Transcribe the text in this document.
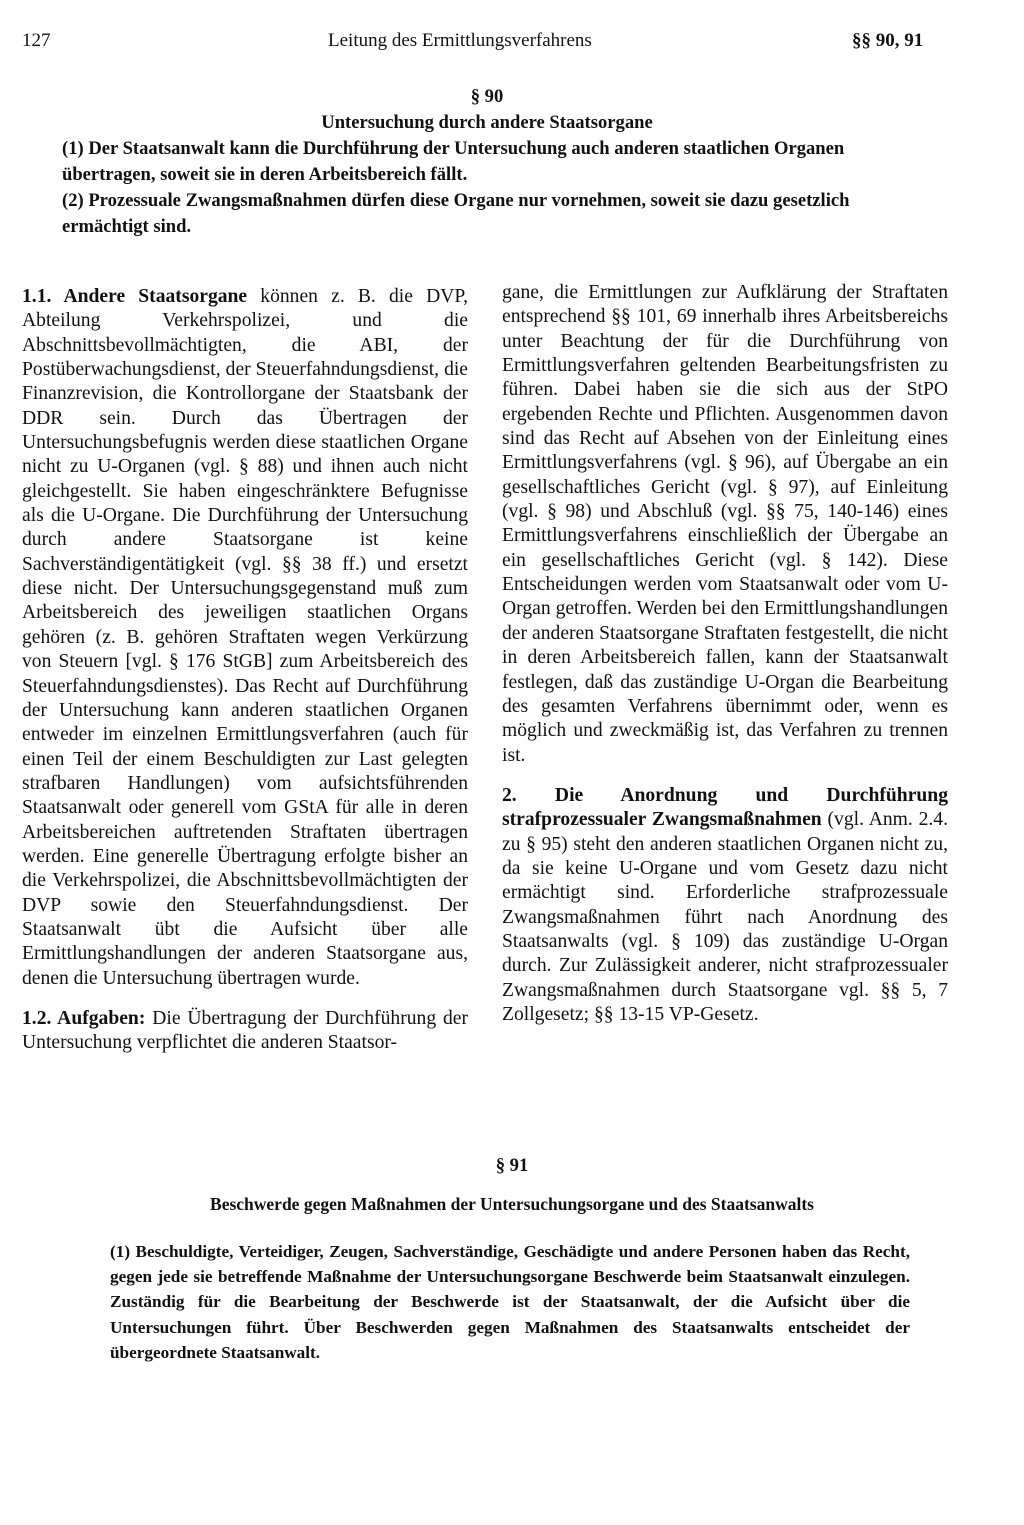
127	Leitung des Ermittlungsverfahrens	§§ 90, 91
§ 90
Untersuchung durch andere Staatsorgane

(1) Der Staatsanwalt kann die Durchführung der Untersuchung auch anderen staatlichen Organen übertragen, soweit sie in deren Arbeitsbereich fällt.

(2) Prozessuale Zwangsmaßnahmen dürfen diese Organe nur vornehmen, soweit sie dazu gesetzlich ermächtigt sind.

1.1. Andere Staatsorgane können z. B. die DVP, Abteilung Verkehrspolizei, und die Abschnittsbevollmächtigten, die ABI, der Postüberwachungsdienst, der Steuerfahndungsdienst, die Finanzrevision, die Kontrollorgane der Staatsbank der DDR sein. Durch das Übertragen der Untersuchungsbefugnis werden diese staatlichen Organe nicht zu U-Organen (vgl. § 88) und ihnen auch nicht gleichgestellt. Sie haben eingeschränktere Befugnisse als die U-Organe. Die Durchführung der Untersuchung durch andere Staatsorgane ist keine Sachverständigentätigkeit (vgl. §§ 38 ff.) und ersetzt diese nicht. Der Untersuchungsgegenstand muß zum Arbeitsbereich des jeweiligen staatlichen Organs gehören (z. B. gehören Straftaten wegen Verkürzung von Steuern [vgl. § 176 StGB] zum Arbeitsbereich des Steuerfahndungsdienstes). Das Recht auf Durchführung der Untersuchung kann anderen staatlichen Organen entweder im einzelnen Ermittlungsverfahren (auch für einen Teil der einem Beschuldigten zur Last gelegten strafbaren Handlungen) vom aufsichtsführenden Staatsanwalt oder generell vom GStA für alle in deren Arbeitsbereichen auftretenden Straftaten übertragen werden. Eine generelle Übertragung erfolgte bisher an die Verkehrspolizei, die Abschnittsbevollmächtigten der DVP sowie den Steuerfahndungsdienst. Der Staatsanwalt übt die Aufsicht über alle Ermittlungshandlungen der anderen Staatsorgane aus, denen die Untersuchung übertragen wurde.

1.2. Aufgaben: Die Übertragung der Durchführung der Untersuchung verpflichtet die anderen Staatsor-

gane, die Ermittlungen zur Aufklärung der Straftaten entsprechend §§ 101, 69 innerhalb ihres Arbeitsbereichs unter Beachtung der für die Durchführung von Ermittlungsverfahren geltenden Bearbeitungsfristen zu führen. Dabei haben sie die sich aus der StPO ergebenden Rechte und Pflichten. Ausgenommen davon sind das Recht auf Absehen von der Einleitung eines Ermittlungsverfahrens (vgl. § 96), auf Übergabe an ein gesellschaftliches Gericht (vgl. § 97), auf Einleitung (vgl. § 98) und Abschluß (vgl. §§ 75, 140-146) eines Ermittlungsverfahrens einschließlich der Übergabe an ein gesellschaftliches Gericht (vgl. § 142). Diese Entscheidungen werden vom Staatsanwalt oder vom U-Organ getroffen. Werden bei den Ermittlungshandlungen der anderen Staatsorgane Straftaten festgestellt, die nicht in deren Arbeitsbereich fallen, kann der Staatsanwalt festlegen, daß das zuständige U-Organ die Bearbeitung des gesamten Verfahrens übernimmt oder, wenn es möglich und zweckmäßig ist, das Verfahren zu trennen ist.

2. Die Anordnung und Durchführung strafprozessualer Zwangsmaßnahmen (vgl. Anm. 2.4. zu § 95) steht den anderen staatlichen Organen nicht zu, da sie keine U-Organe und vom Gesetz dazu nicht ermächtigt sind. Erforderliche strafprozessuale Zwangsmaßnahmen führt nach Anordnung des Staatsanwalts (vgl. § 109) das zuständige U-Organ durch. Zur Zulässigkeit anderer, nicht strafprozessualer Zwangsmaßnahmen durch Staatsorgane vgl. §§ 5, 7 Zollgesetz; §§ 13-15 VP-Gesetz.

§ 91
Beschwerde gegen Maßnahmen der Untersuchungsorgane und des Staatsanwalts

(1) Beschuldigte, Verteidiger, Zeugen, Sachverständige, Geschädigte und andere Personen haben das Recht, gegen jede sie betreffende Maßnahme der Untersuchungsorgane Beschwerde beim Staatsanwalt einzulegen. Zuständig für die Bearbeitung der Beschwerde ist der Staatsanwalt, der die Aufsicht über die Untersuchungen führt. Über Beschwerden gegen Maßnahmen des Staatsanwalts entscheidet der übergeordnete Staatsanwalt.
